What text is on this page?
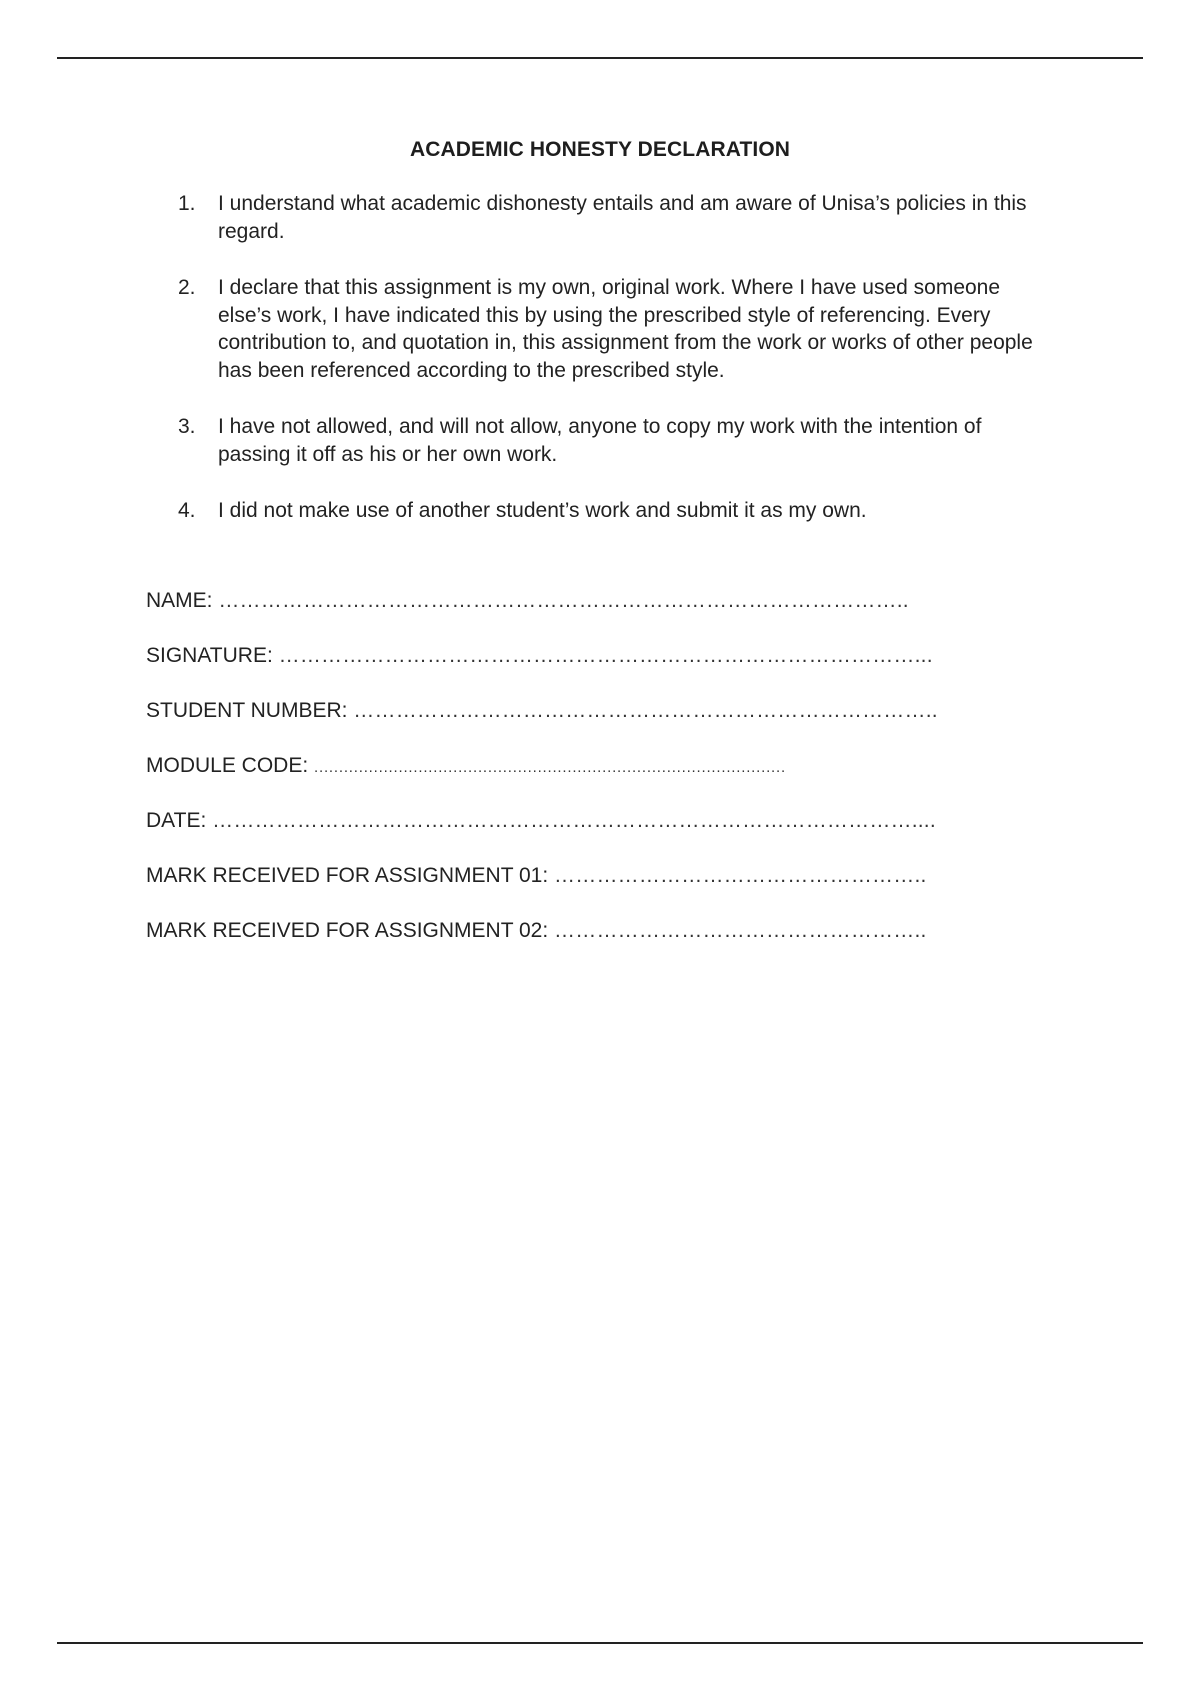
ACADEMIC HONESTY DECLARATION
1. I understand what academic dishonesty entails and am aware of Unisa’s policies in this regard.
2. I declare that this assignment is my own, original work. Where I have used someone else’s work, I have indicated this by using the prescribed style of referencing. Every contribution to, and quotation in, this assignment from the work or works of other people has been referenced according to the prescribed style.
3. I have not allowed, and will not allow, anyone to copy my work with the intention of passing it off as his or her own work.
4. I did not make use of another student’s work and submit it as my own.
NAME: ……………………………………………………………………………………..
SIGNATURE: ………………………………………………………………………………...
STUDENT NUMBER: ………………………………………………………………………..
MODULE CODE: ...............................................................................................
DATE: ………………………………………………………………………………………....
MARK RECEIVED FOR ASSIGNMENT 01: ……………………………………………..
MARK RECEIVED FOR ASSIGNMENT 02: ……………………………………………..
